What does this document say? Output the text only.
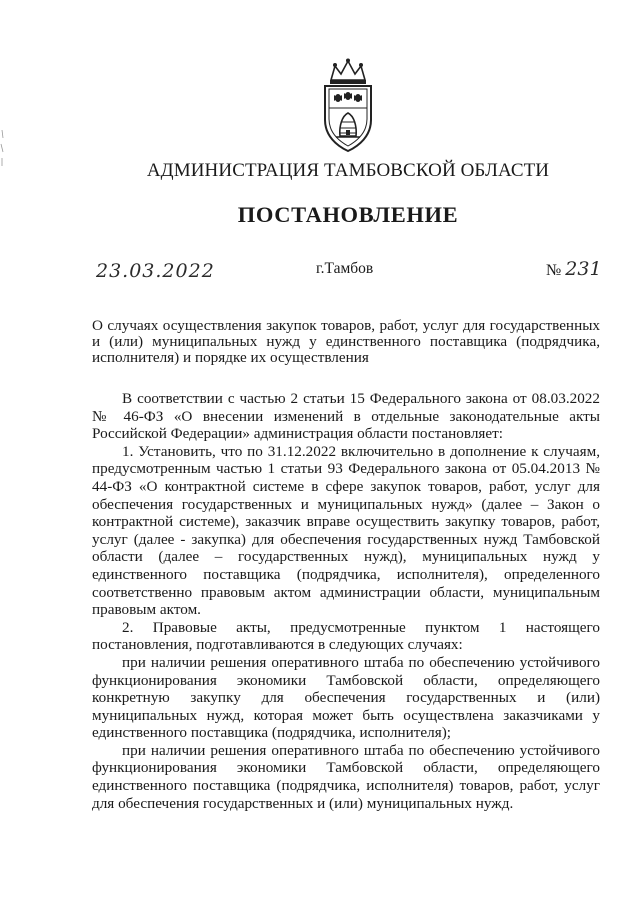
АДМИНИСТРАЦИЯ ТАМБОВСКОЙ ОБЛАСТИ
ПОСТАНОВЛЕНИЕ
23.03.2022	г.Тамбов	№ 231
О случаях осуществления закупок товаров, работ, услуг для государственных и (или) муниципальных нужд у единственного поставщика (подрядчика, исполнителя) и порядке их осуществления

В соответствии с частью 2 статьи 15 Федерального закона от 08.03.2022 № 46-ФЗ «О внесении изменений в отдельные законодательные акты Российской Федерации» администрация области постановляет:

1. Установить, что по 31.12.2022 включительно в дополнение к случаям, предусмотренным частью 1 статьи 93 Федерального закона от 05.04.2013 № 44-ФЗ «О контрактной системе в сфере закупок товаров, работ, услуг для обеспечения государственных и муниципальных нужд» (далее – Закон о контрактной системе), заказчик вправе осуществить закупку товаров, работ, услуг (далее - закупка) для обеспечения государственных нужд Тамбовской области (далее – государственных нужд), муниципальных нужд у единственного поставщика (подрядчика, исполнителя), определенного соответственно правовым актом администрации области, муниципальным правовым актом.

2. Правовые акты, предусмотренные пунктом 1 настоящего постановления, подготавливаются в следующих случаях:

при наличии решения оперативного штаба по обеспечению устойчивого функционирования экономики Тамбовской области, определяющего конкретную закупку для обеспечения государственных и (или) муниципальных нужд, которая может быть осуществлена заказчиками у единственного поставщика (подрядчика, исполнителя);

при наличии решения оперативного штаба по обеспечению устойчивого функционирования экономики Тамбовской области, определяющего единственного поставщика (подрядчика, исполнителя) товаров, работ, услуг для обеспечения государственных и (или) муниципальных нужд.
